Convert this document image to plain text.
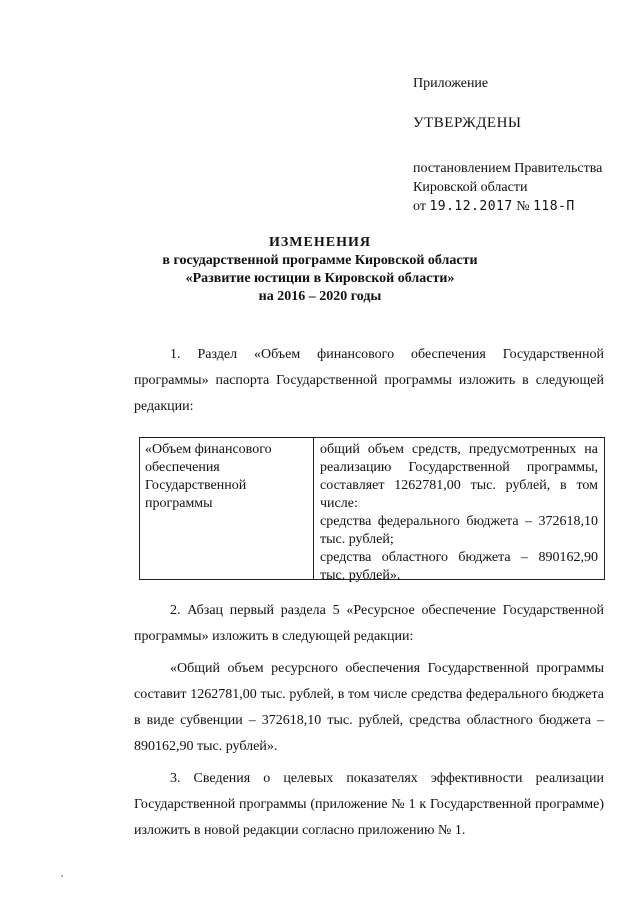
Приложение
УТВЕРЖДЕНЫ
постановлением Правительства
Кировской области
от 19.12.2017 № 118-П
ИЗМЕНЕНИЯ
в государственной программе Кировской области
«Развитие юстиции в Кировской области»
на 2016 – 2020 годы
1. Раздел «Объем финансового обеспечения Государственной программы» паспорта Государственной программы изложить в следующей редакции:
«Объем финансового обеспечения Государственной программы
общий объем средств, предусмотренных на реализацию Государственной программы, составляет 1262781,00 тыс. рублей, в том числе:
средства федерального бюджета – 372618,10 тыс. рублей;
средства областного бюджета – 890162,90 тыс. рублей».
2. Абзац первый раздела 5 «Ресурсное обеспечение Государственной программы» изложить в следующей редакции:
«Общий объем ресурсного обеспечения Государственной программы составит 1262781,00 тыс. рублей, в том числе средства федерального бюджета в виде субвенции – 372618,10 тыс. рублей, средства областного бюджета – 890162,90 тыс. рублей».
3. Сведения о целевых показателях эффективности реализации Государственной программы (приложение № 1 к Государственной программе) изложить в новой редакции согласно приложению № 1.
